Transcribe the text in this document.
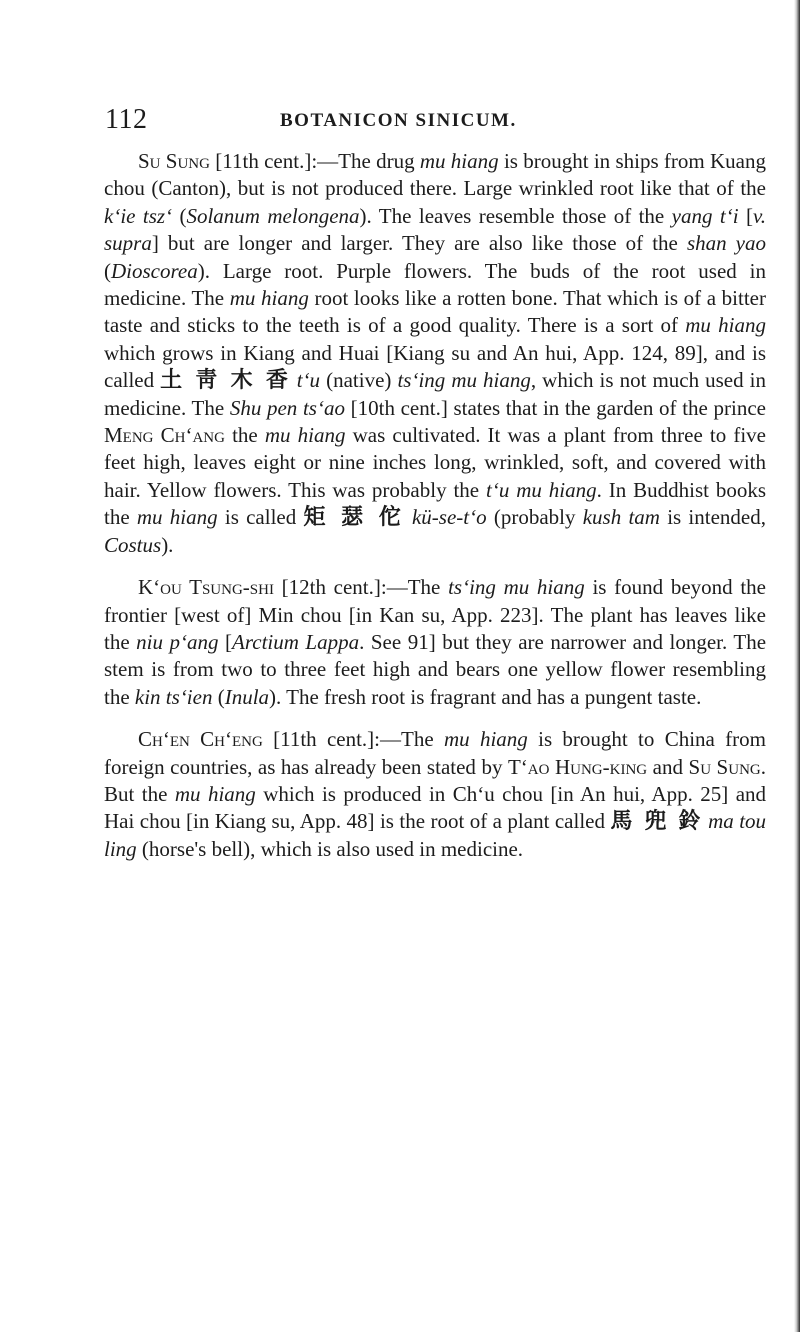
112	BOTANICON SINICUM.

Su Sung [11th cent.]:—The drug mu hiang is brought in ships from Kuang chou (Canton), but is not produced there. Large wrinkled root like that of the k‘ie tsz‘ (Solanum melongena). The leaves resemble those of the yang t‘i [v. supra] but are longer and larger. They are also like those of the shan yao (Dioscorea). Large root. Purple flowers. The buds of the root used in medicine. The mu hiang root looks like a rotten bone. That which is of a bitter taste and sticks to the teeth is of a good quality. There is a sort of mu hiang which grows in Kiang and Huai [Kiang su and An hui, App. 124, 89], and is called 土 靑 木 香 t‘u (native) ts‘ing mu hiang, which is not much used in medicine. The Shu pen ts‘ao [10th cent.] states that in the garden of the prince Meng Ch‘ang the mu hiang was cultivated. It was a plant from three to five feet high, leaves eight or nine inches long, wrinkled, soft, and covered with hair. Yellow flowers. This was probably the t‘u mu hiang. In Buddhist books the mu hiang is called 矩 瑟 佗 kü-se-t‘o (probably kush tam is intended, Costus).

K‘ou Tsung-shi [12th cent.]:—The ts‘ing mu hiang is found beyond the frontier [west of] Min chou [in Kan su, App. 223]. The plant has leaves like the niu p‘ang [Arctium Lappa. See 91] but they are narrower and longer. The stem is from two to three feet high and bears one yellow flower resembling the kin ts‘ien (Inula). The fresh root is fragrant and has a pungent taste.

Ch‘en Ch‘eng [11th cent.]:—The mu hiang is brought to China from foreign countries, as has already been stated by T‘ao Hung-king and Su Sung. But the mu hiang which is produced in Ch‘u chou [in An hui, App. 25] and Hai chou [in Kiang su, App. 48] is the root of a plant called 馬 兜 鈴 ma tou ling (horse's bell), which is also used in medicine.
